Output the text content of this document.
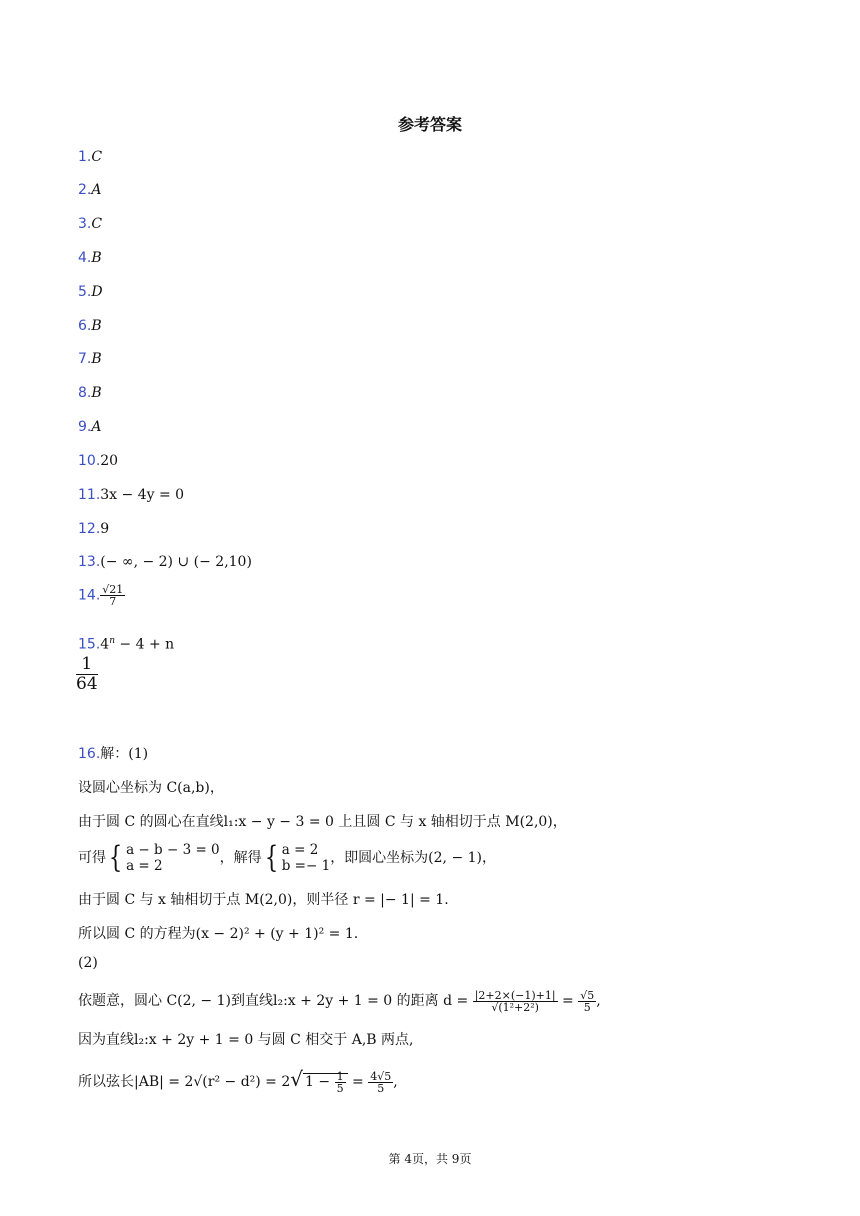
参考答案
1.C
2.A
3.C
4.B
5.D
6.B
7.B
8.B
9.A
10.20
11.3x − 4y = 0
12.9
13.(− ∞, − 2) ∪ (− 2,10)
14. $\frac{√21}{7}$
$15.4^n - 4 + n$
$\frac{1}{64}$
16.解：(1)
设圆心坐标为 C(a,b)，
由于圆 C 的圆心在直线l₁:x − y − 3 = 0 上且圆 C 与 x 轴相切于点 M(2,0)，
可得 { a − b − 3 = 0
a = 2	，解得 { a = 2
b =− 1 ，即圆心坐标为(2, − 1)，
由于圆 C 与 x 轴相切于点 M(2,0)，则半径 r = |− 1| = 1.
所以圆 C 的方程为(x − 2)² + (y + 1)² = 1.
(2)
依题意，圆心 C(2, − 1)到直线l₂:x + 2y + 1 = 0 的距离 $d = \frac{|2+2\times(-1)+1|}{\text{√(1²+2²)}} = \frac{√5}{5}$ ,
因为直线l₂:x + 2y + 1 = 0 与圆 C 相交于 A,B 两点,
所以弦长|AB| = 2√(r² − d²) = 2√ $1 - \frac{1}{5} = \frac{4√5}{5}$ ,
第 4页，共 9页
